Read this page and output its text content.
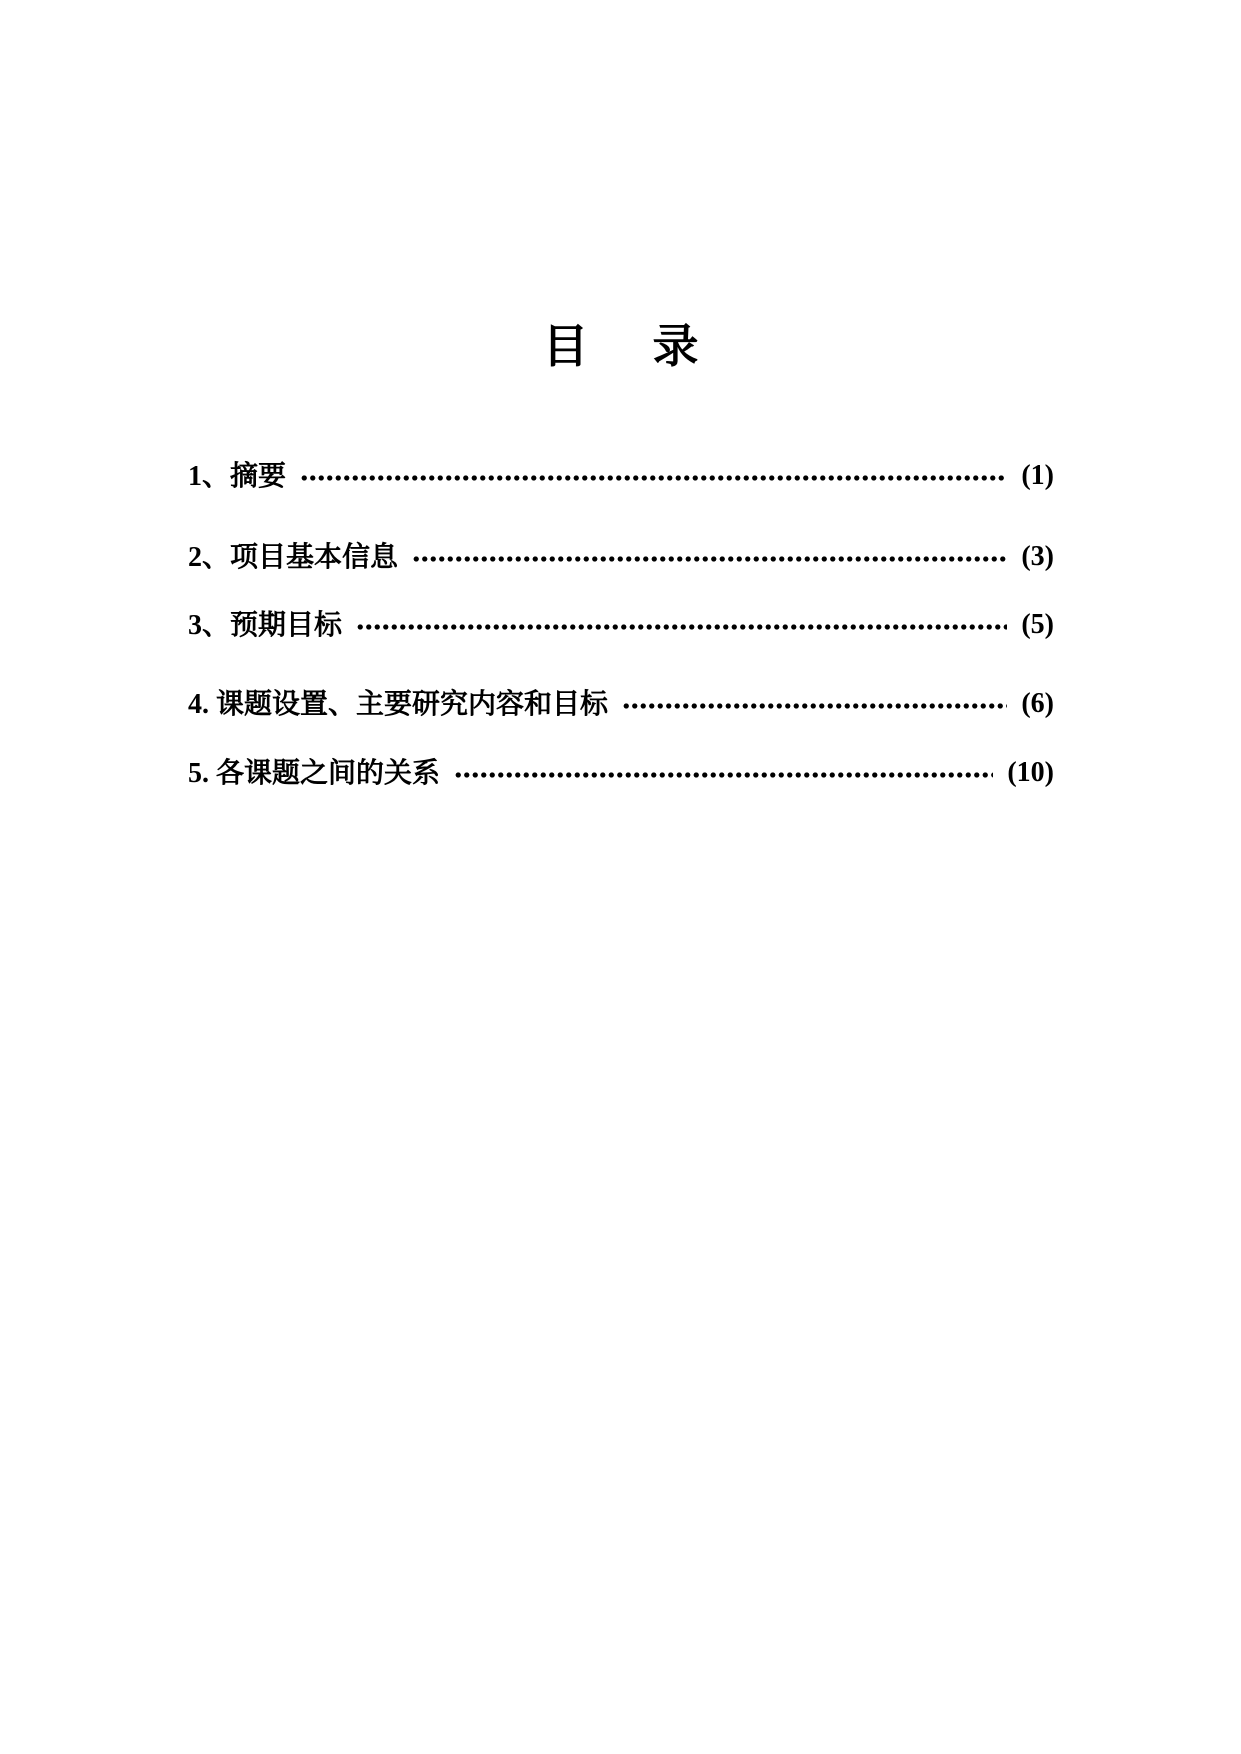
目 录
1、摘要	(1)
2、项目基本信息	(3)
3、预期目标	(5)
4. 课题设置、主要研究内容和目标	(6)
5. 各课题之间的关系	(10)
